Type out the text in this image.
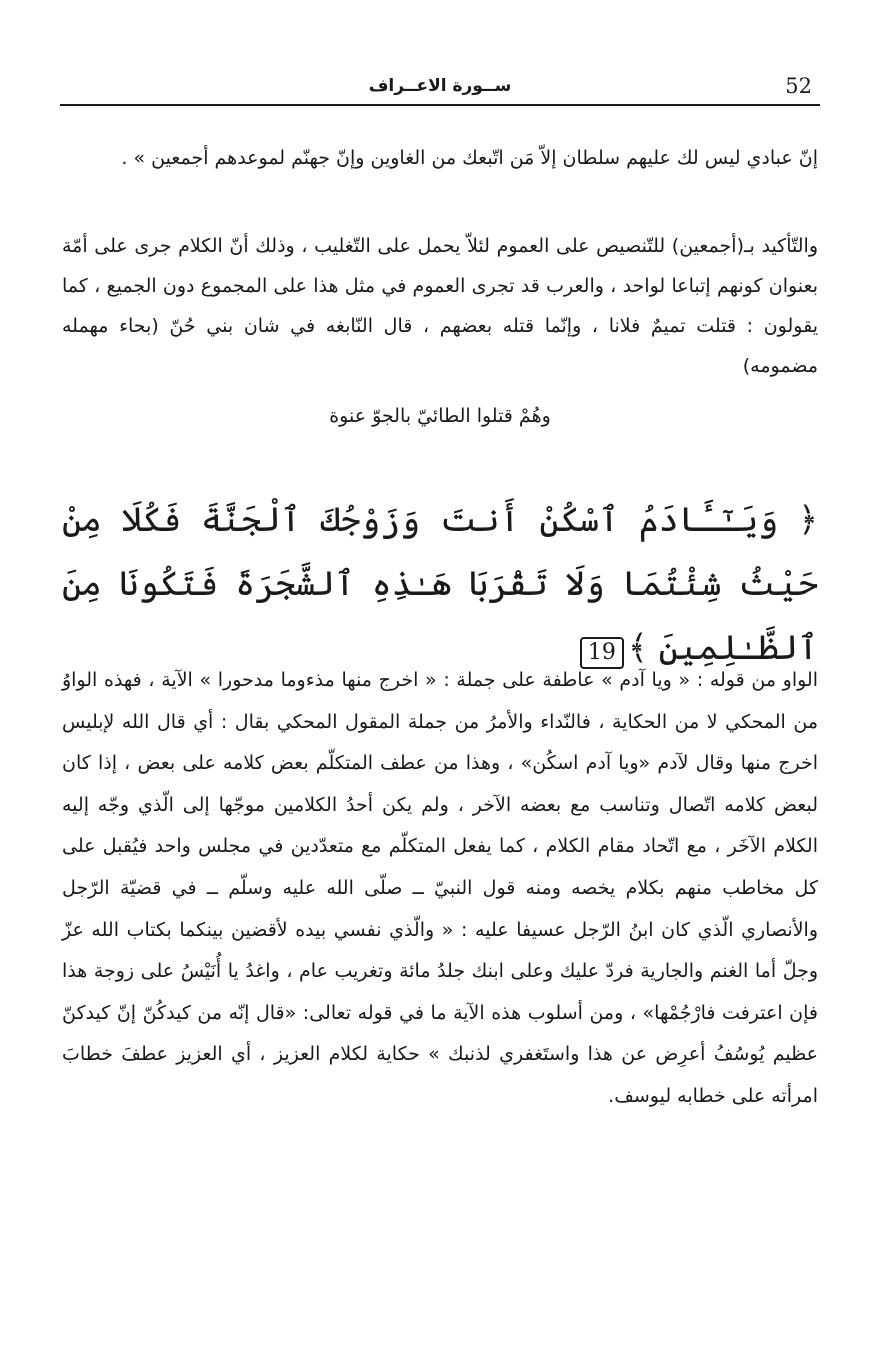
ســورة الاعــراف	52

إنّ عبادي ليس لك عليهم سلطان إلاّ مَن اتّبعك من الغاوين وإنّ جهنّم لموعدهم أجمعين » .

والتّأكيد بـ(أجمعين) للتّنصيص على العموم لئلاّ يحمل على التّغليب ، وذلك أنّ الكلام جرى على أمّة بعنوان كونهم إتباعا لواحد ، والعرب قد تجرى العموم في مثل هذا على المجموع دون الجميع ، كما يقولون : قتلت تميمٌ فلانا ، وإنّما قتله بعضهم ، قال النّابغه في شان بني حُنّ (بحاء مهمله مضمومه)

وهُمْ قتلوا الطائيّ بالجوّ عنوة
﴿ وَيَـٰٓـَٔادَمُ ٱسْكُنْ أَنتَ وَزَوْجُكَ ٱلْجَنَّةَ فَكُلَا مِنْ حَيْثُ شِئْتُمَا وَلَا تَقْرَبَا هَـٰذِهِ ٱلشَّجَرَةَ فَتَكُونَا مِنَ ٱلظَّـٰلِمِينَ ﴾19

الواو من قوله : « ويا آدم » عاطفة على جملة : « اخرج منها مذءوما مدحورا » الآية ، فهذه الواوُ من المحكي لا من الحكاية ، فالنّداء والأمرُ من جملة المقول المحكي بقال : أي قال الله لإبليس اخرج منها وقال لآدم «ويا آدم اسكُن» ، وهذا من عطف المتكلّم بعض كلامه على بعض ، إذا كان لبعض كلامه اتّصال وتناسب مع بعضه الآخر ، ولم يكن أحدُ الكلامين موجّها إلى الّذي وجّه إليه الكلام الآخَر ، مع اتّحاد مقام الكلام ، كما يفعل المتكلّم مع متعدّدين في مجلس واحد فيُقبل على كل مخاطب منهم بكلام يخصه ومنه قول النبيّ ــ صلّى الله عليه وسلّم ــ في قضيّة الرّجل والأنصاري الّذي كان ابنُ الرّجل عسيفا عليه : « والّذي نفسي بيده لأقضين بينكما بكتاب الله عزّ وجلّ أما الغنم والجارية فردّ عليك وعلى ابنك جلدُ مائة وتغريب عام ، واغدُ يا أُنَيْسُ على زوجة هذا فإن اعترفت فارْجُمْها» ، ومن أسلوب هذه الآية ما في قوله تعالى: «قال إنّه من كيدكُنّ إنّ كيدكنّ عظيم يُوسُفُ أعرِض عن هذا واستَغفري لذنبك » حكاية لكلام العزيز ، أي العزيز عطفَ خطابَ امرأته على خطابه ليوسف.
